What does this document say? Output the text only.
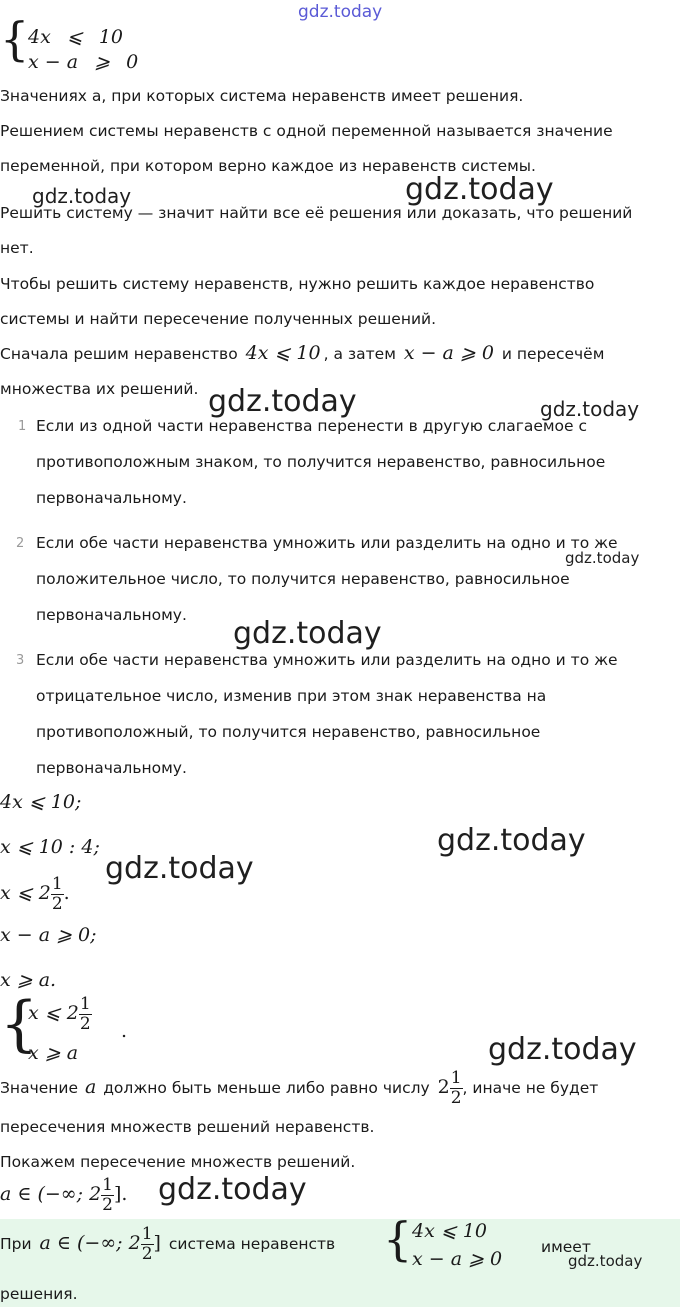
gdz.today
{
4x ⩽ 10
x − a ⩾ 0
Значениях a, при которых система неравенств имеет решения.
Решением системы неравенств с одной переменной называется значение
переменной, при котором верно каждое из неравенств системы.
gdz.today	gdz.today
Решить систему — значит найти все её решения или доказать, что решений
нет.
Чтобы решить систему неравенств, нужно решить каждое неравенство
системы и найти пересечение полученных решений.
Сначала решим неравенство 4x ⩽ 10 , а затем x − a ⩾ 0 и пересечём
множества их решений. gdz.today	gdz.today
1 Если из одной части неравенства перенести в другую слагаемое с
противоположным знаком, то получится неравенство, равносильное
первоначальному.
2 Если обе части неравенства умножить или разделить на одно и то же
положительное число, то получится неравенство, равносильное
первоначальному.
3 Если обе части неравенства умножить или разделить на одно и то же
отрицательное число, изменив при этом знак неравенства на
противоположный, то получится неравенство, равносильное
первоначальному.
gdz.today
gdz.today
4x ⩽ 10;
x ⩽ 10 : 4;	gdz.today
gdz.today
x ⩽ $2 \frac{1}{2}$ .
x − a ⩾ 0;
x ⩾ a.
{
x ⩽ $2 \frac{1}{2}$ .
x ⩾ a	gdz.today
Значение a должно быть меньше либо равно числу $2 \frac{1}{2}$ , иначе не будет
пересечения множеств решений неравенств.
Покажем пересечение множеств решений.
a ∈ (−∞; $2 \frac{1}{2}$ ]. gdz.today
При a ∈ (−∞; $2 \frac{1}{2}$ ] система неравенств { 4x ⩽ 10
x − a ⩾ 0
имеет
gdz.today
решения.
